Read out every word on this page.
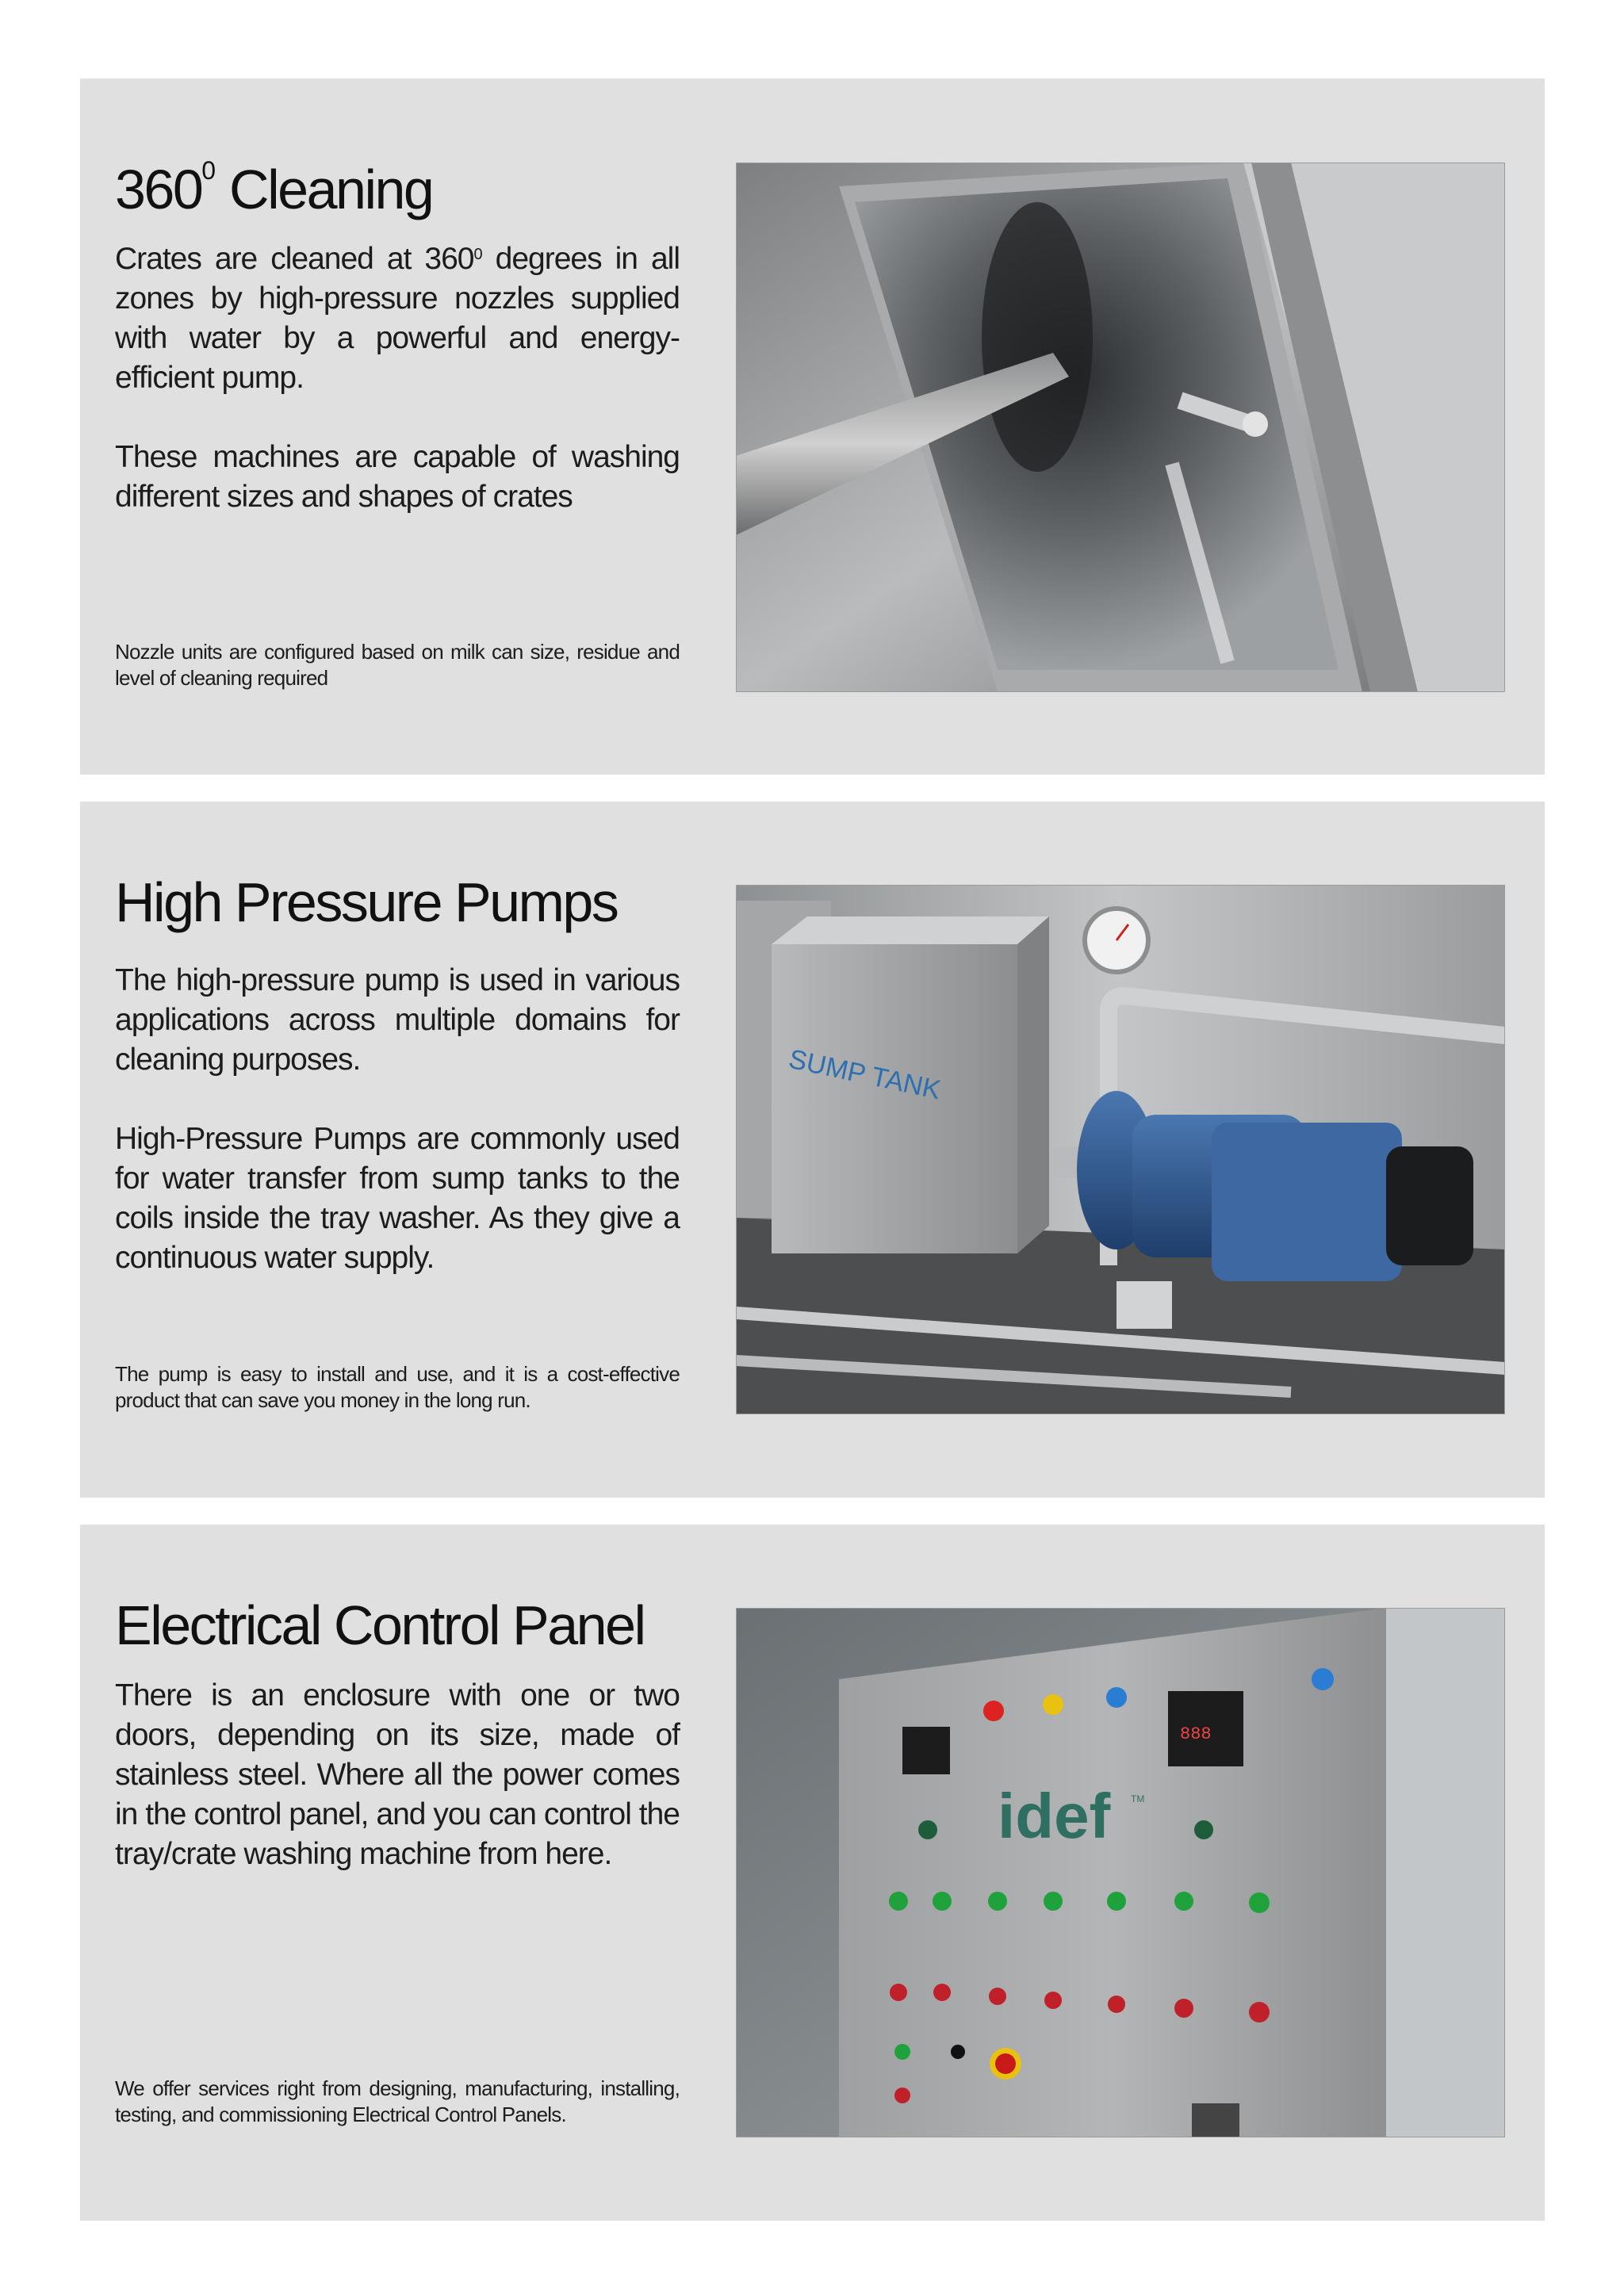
$360^0$ Cleaning

Crates are cleaned at $360^0$ degrees in all zones by high-pressure nozzles supplied with water by a powerful and energy-efficient pump.

These machines are capable of washing different sizes and shapes of crates

Nozzle units are configured based on milk can size, residue and level of cleaning required
High Pressure Pumps

The high-pressure pump is used in various applications across multiple domains for cleaning purposes.

High-Pressure Pumps are commonly used for water transfer from sump tanks to the coils inside the tray washer. As they give a continuous water supply.

The pump is easy to install and use, and it is a cost-effective product that can save you money in the long run.
SUMP TANK
Electrical Control Panel

There is an enclosure with one or two doors, depending on its size, made of stainless steel. Where all the power comes in the control panel, and you can control the tray/crate washing machine from here.

We offer services right from designing, manufacturing, installing, testing, and commissioning Electrical Control Panels.
888
idef TM
